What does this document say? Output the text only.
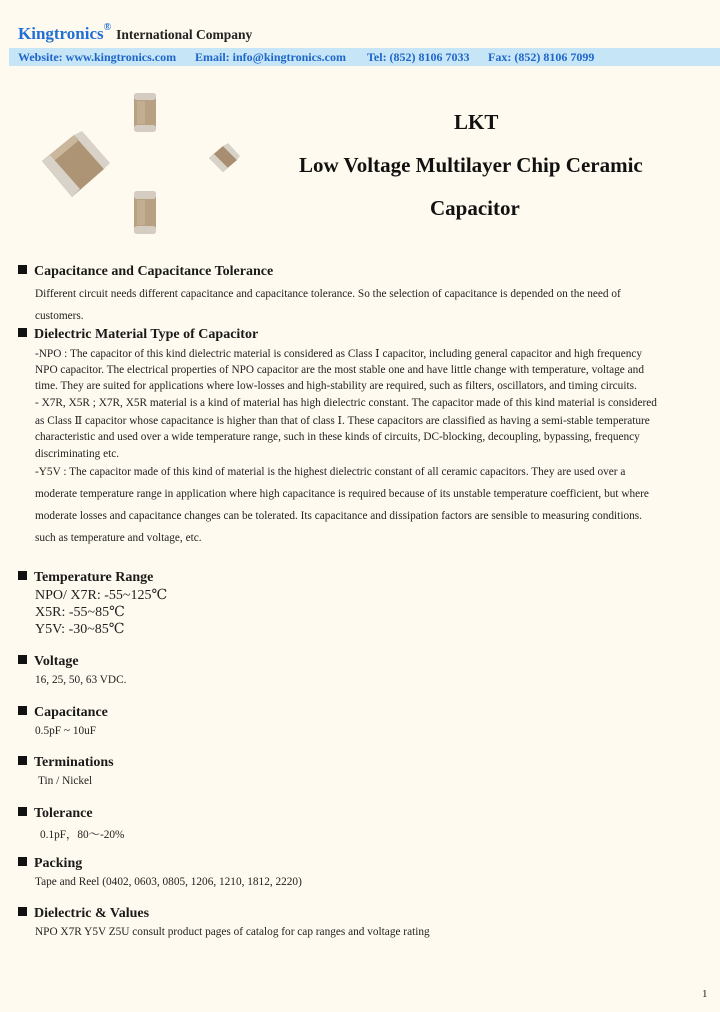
Kingtronics® International Company
Website: www.kingtronics.com Email: info@kingtronics.com Tel: (852) 8106 7033 Fax: (852) 8106 7099
LKT
Low Voltage Multilayer Chip Ceramic
Capacitor
Capacitance and Capacitance Tolerance
Different circuit needs different capacitance and capacitance tolerance. So the selection of capacitance is depended on the need of
customers.
Dielectric Material Type of Capacitor
-NPO : The capacitor of this kind dielectric material is considered as Class Ⅰ capacitor, including general capacitor and high frequency
NPO capacitor. The electrical properties of NPO capacitor are the most stable one and have little change with temperature, voltage and
time. They are suited for applications where low-losses and high-stability are required, such as filters, oscillators, and timing circuits.
- X7R, X5R ; X7R, X5R material is a kind of material has high dielectric constant. The capacitor made of this kind material is considered
as Class Ⅱ capacitor whose capacitance is higher than that of class Ⅰ. These capacitors are classified as having a semi-stable temperature
characteristic and used over a wide temperature range, such in these kinds of circuits, DC-blocking, decoupling, bypassing, frequency
discriminating etc.
-Y5V : The capacitor made of this kind of material is the highest dielectric constant of all ceramic capacitors. They are used over a
moderate temperature range in application where high capacitance is required because of its unstable temperature coefficient, but where
moderate losses and capacitance changes can be tolerated. Its capacitance and dissipation factors are sensible to measuring conditions.
such as temperature and voltage, etc.
Temperature Range
NPO/ X7R: -55~125℃
X5R: -55~85℃
Y5V: -30~85℃
Voltage
16, 25, 50, 63 VDC.
Capacitance
0.5pF ~ 10uF
Terminations
Tin / Nickel
Tolerance
0.1pF，80～-20%
Packing
Tape and Reel (0402, 0603, 0805, 1206, 1210, 1812, 2220)
Dielectric & Values
NPO X7R Y5V Z5U consult product pages of catalog for cap ranges and voltage rating
1
